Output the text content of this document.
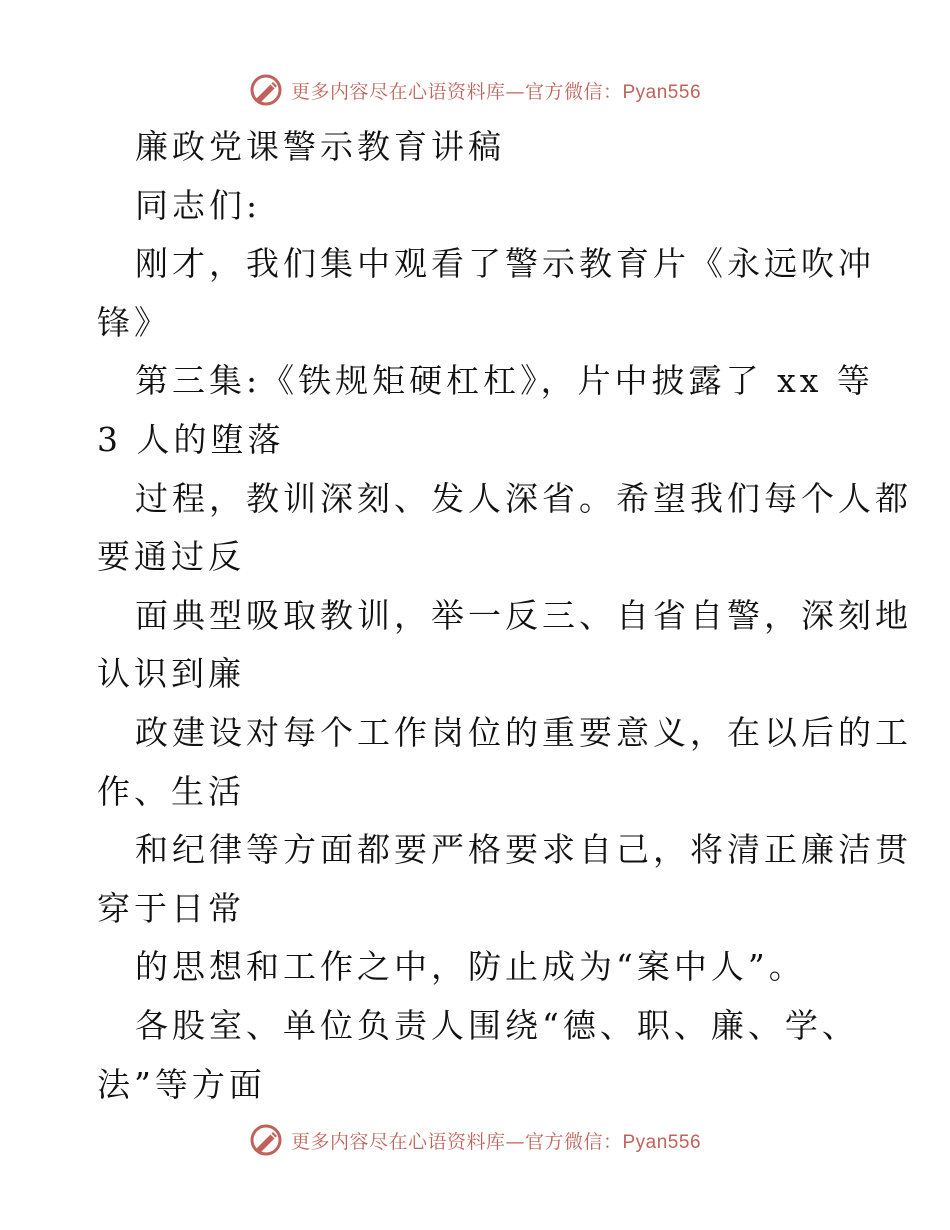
更多内容尽在心语资料库—官方微信：Pyan556
廉政党课警示教育讲稿
同志们:
刚才，我们集中观看了警示教育片《永远吹冲
锋》
第三集:《铁规矩硬杠杠》，片中披露了 xx 等
3 人的堕落
过程，教训深刻、发人深省。希望我们每个人都
要通过反
面典型吸取教训，举一反三、自省自警，深刻地
认识到廉
政建设对每个工作岗位的重要意义，在以后的工
作、生活
和纪律等方面都要严格要求自己，将清正廉洁贯
穿于日常
的思想和工作之中，防止成为“案中人”。
各股室、单位负责人围绕“德、职、廉、学、
法”等方面
更多内容尽在心语资料库—官方微信：Pyan556
